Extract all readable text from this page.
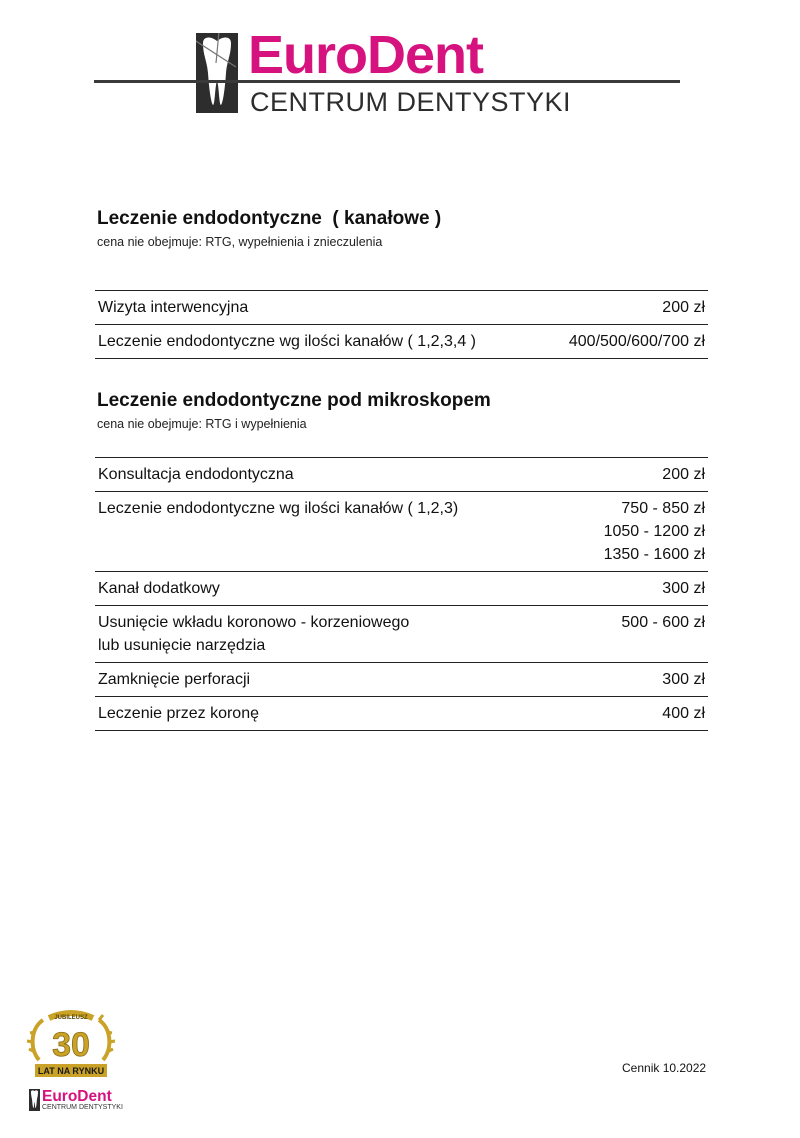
EuroDent
CENTRUM DENTYSTYKI
Leczenie endodontyczne  ( kanałowe )

cena nie obejmuje: RTG, wypełnienia i znieczulenia

Wizyta interwencyjna	200 zł

Leczenie endodontyczne wg ilości kanałów ( 1,2,3,4 )	400/500/600/700 zł
Leczenie endodontyczne pod mikroskopem

cena nie obejmuje: RTG i wypełnienia

Konsultacja endodontyczna	200 zł

Leczenie endodontyczne wg ilości kanałów ( 1,2,3)	750 - 850 zł
1050 - 1200 zł
1350 - 1600 zł

Kanał dodatkowy	300 zł

Usunięcie wkładu koronowo - korzeniowego
lub usunięcie narzędzia	500 - 600 zł

Zamknięcie perforacji	300 zł

Leczenie przez koronę	400 zł
JUBILEUSZ
30
LAT NA RYNKU
EuroDent
CENTRUM DENTYSTYKI
Cennik 10.2022
